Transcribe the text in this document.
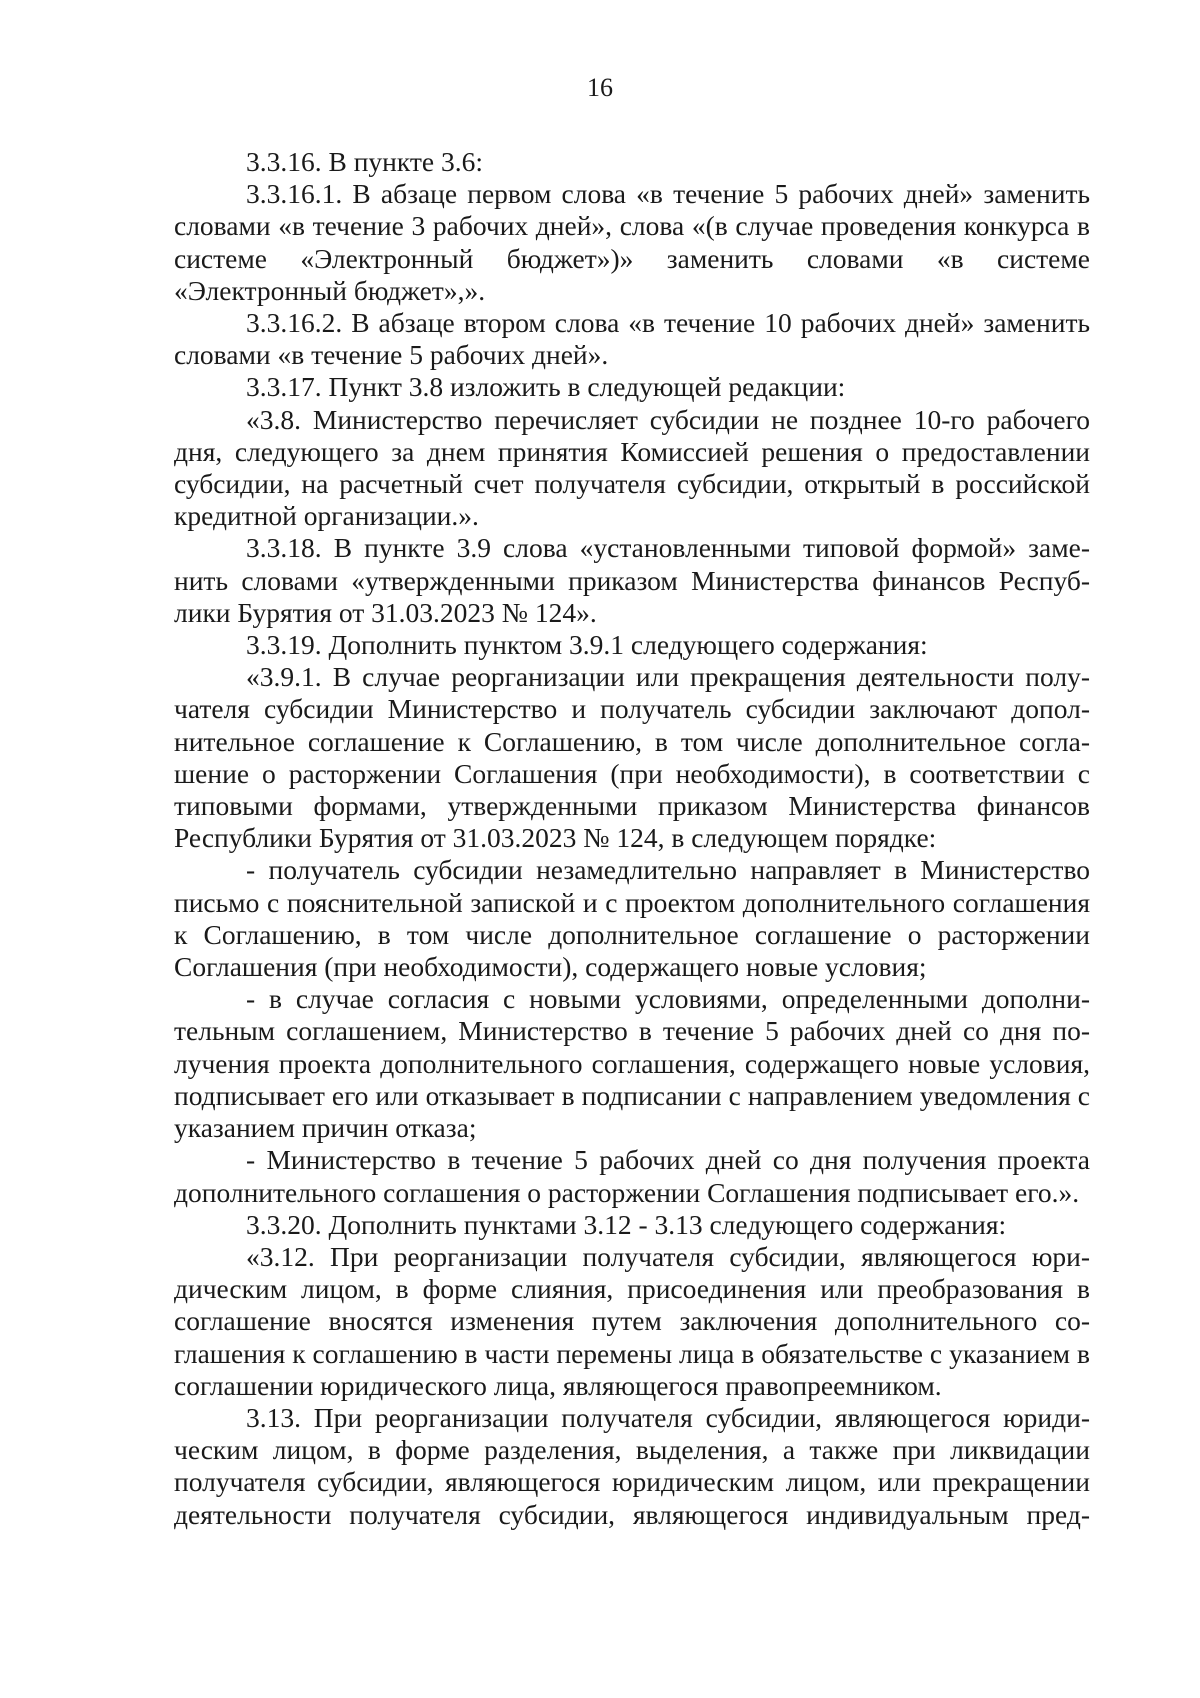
16

3.3.16. В пункте 3.6:

3.3.16.1. В абзаце первом слова «в течение 5 рабочих дней» заменить словами «в течение 3 рабочих дней», слова «(в случае проведения конкурса в системе «Электронный бюджет»)» заменить словами «в системе «Электронный бюджет»,».

3.3.16.2. В абзаце втором слова «в течение 10 рабочих дней» заменить словами «в течение 5 рабочих дней».

3.3.17. Пункт 3.8 изложить в следующей редакции:

«3.8. Министерство перечисляет субсидии не позднее 10-го рабочего дня, следующего за днем принятия Комиссией решения о предоставлении субсидии, на расчетный счет получателя субсидии, открытый в российской кредитной организации.».

3.3.18. В пункте 3.9 слова «установленными типовой формой» заменить словами «утвержденными приказом Министерства финансов Республики Бурятия от 31.03.2023 № 124».

3.3.19. Дополнить пунктом 3.9.1 следующего содержания:

«3.9.1. В случае реорганизации или прекращения деятельности получателя субсидии Министерство и получатель субсидии заключают дополнительное соглашение к Соглашению, в том числе дополнительное соглашение о расторжении Соглашения (при необходимости), в соответствии с типовыми формами, утвержденными приказом Министерства финансов Республики Бурятия от 31.03.2023 № 124, в следующем порядке:

- получатель субсидии незамедлительно направляет в Министерство письмо с пояснительной запиской и с проектом дополнительного соглашения к Соглашению, в том числе дополнительное соглашение о расторжении Соглашения (при необходимости), содержащего новые условия;

- в случае согласия с новыми условиями, определенными дополнительным соглашением, Министерство в течение 5 рабочих дней со дня получения проекта дополнительного соглашения, содержащего новые условия, подписывает его или отказывает в подписании с направлением уведомления с указанием причин отказа;

- Министерство в течение 5 рабочих дней со дня получения проекта дополнительного соглашения о расторжении Соглашения подписывает его.».

3.3.20. Дополнить пунктами 3.12 - 3.13 следующего содержания:

«3.12. При реорганизации получателя субсидии, являющегося юридическим лицом, в форме слияния, присоединения или преобразования в соглашение вносятся изменения путем заключения дополнительного соглашения к соглашению в части перемены лица в обязательстве с указанием в соглашении юридического лица, являющегося правопреемником.

3.13. При реорганизации получателя субсидии, являющегося юридическим лицом, в форме разделения, выделения, а также при ликвидации получателя субсидии, являющегося юридическим лицом, или прекращении деятельности получателя субсидии, являющегося индивидуальным пред-
